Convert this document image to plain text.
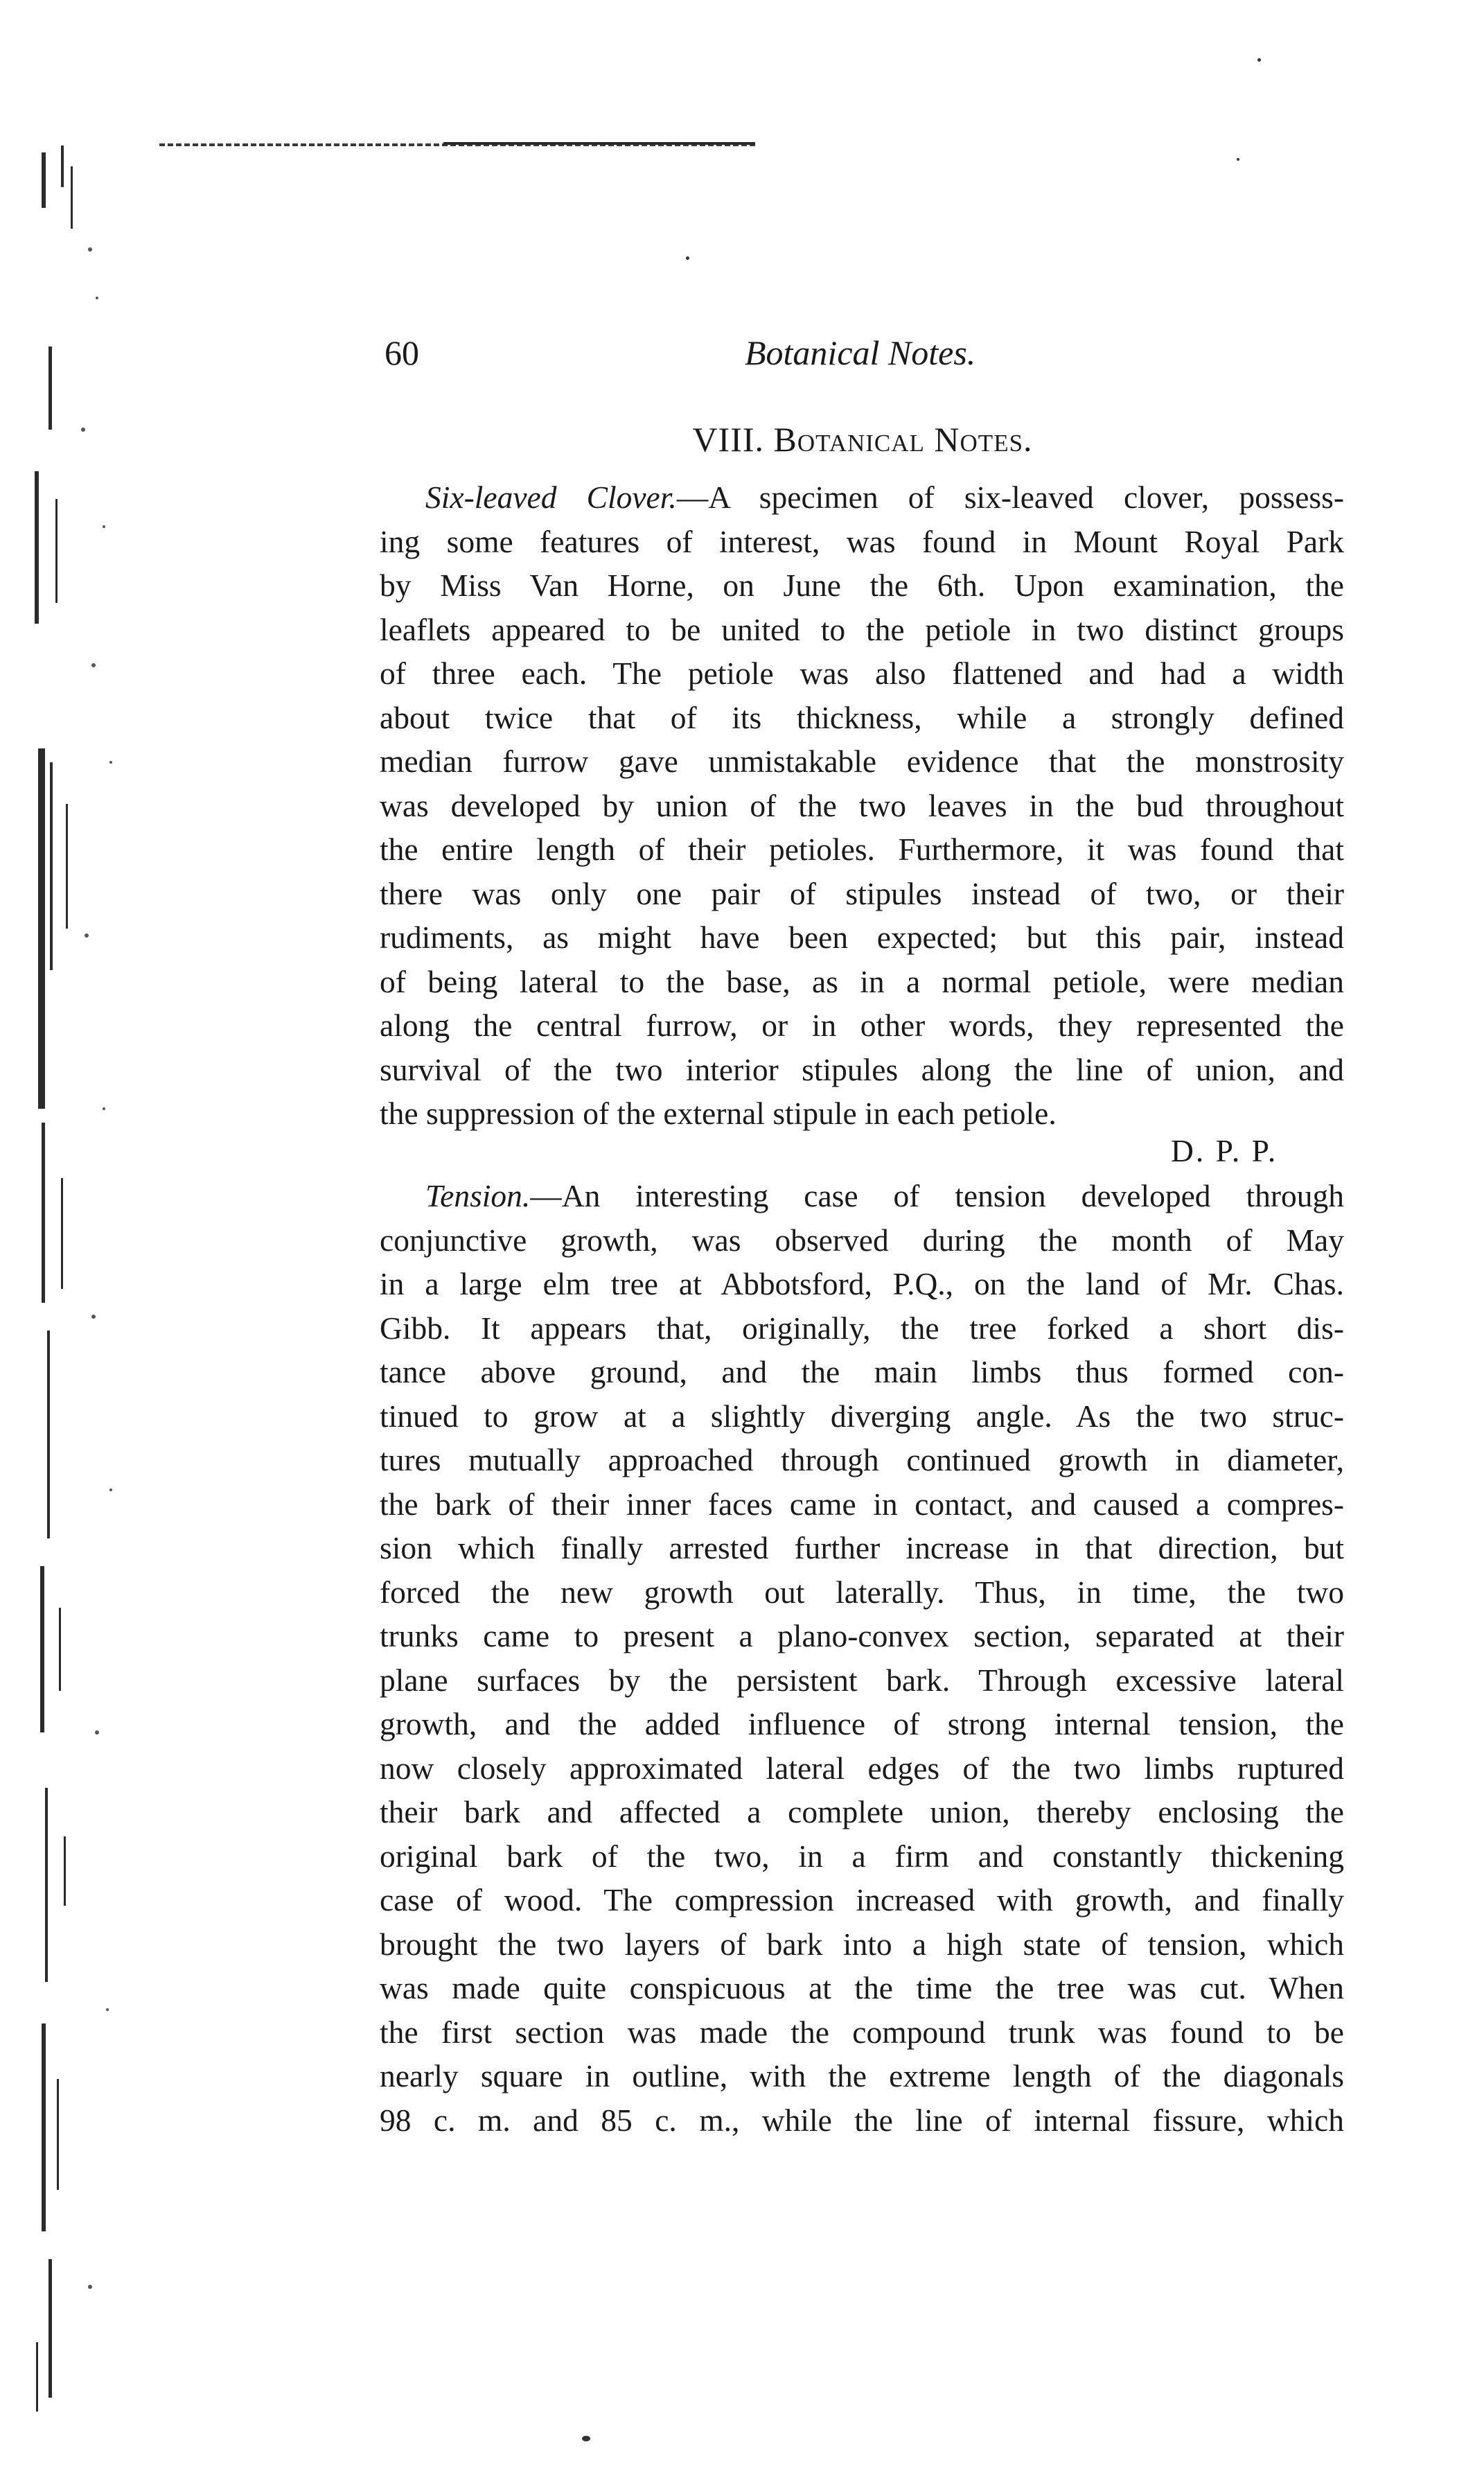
60	Botanical Notes.
VIII. Botanical Notes.
Six-leaved Clover.—A specimen of six-leaved clover, possess-
ing some features of interest, was found in Mount Royal Park
by Miss Van Horne, on June the 6th. Upon examination, the
leaflets appeared to be united to the petiole in two distinct groups
of three each. The petiole was also flattened and had a width
about twice that of its thickness, while a strongly defined
median furrow gave unmistakable evidence that the monstrosity
was developed by union of the two leaves in the bud throughout
the entire length of their petioles. Furthermore, it was found that
there was only one pair of stipules instead of two, or their
rudiments, as might have been expected; but this pair, instead
of being lateral to the base, as in a normal petiole, were median
along the central furrow, or in other words, they represented the
survival of the two interior stipules along the line of union, and
the suppression of the external stipule in each petiole.
D. P. P.
Tension.—An interesting case of tension developed through
conjunctive growth, was observed during the month of May
in a large elm tree at Abbotsford, P.Q., on the land of Mr. Chas.
Gibb. It appears that, originally, the tree forked a short dis-
tance above ground, and the main limbs thus formed con-
tinued to grow at a slightly diverging angle. As the two struc-
tures mutually approached through continued growth in diameter,
the bark of their inner faces came in contact, and caused a compres-
sion which finally arrested further increase in that direction, but
forced the new growth out laterally. Thus, in time, the two
trunks came to present a plano-convex section, separated at their
plane surfaces by the persistent bark. Through excessive lateral
growth, and the added influence of strong internal tension, the
now closely approximated lateral edges of the two limbs ruptured
their bark and affected a complete union, thereby enclosing the
original bark of the two, in a firm and constantly thickening
case of wood. The compression increased with growth, and finally
brought the two layers of bark into a high state of tension, which
was made quite conspicuous at the time the tree was cut. When
the first section was made the compound trunk was found to be
nearly square in outline, with the extreme length of the diagonals
98 c. m. and 85 c. m., while the line of internal fissure, which
